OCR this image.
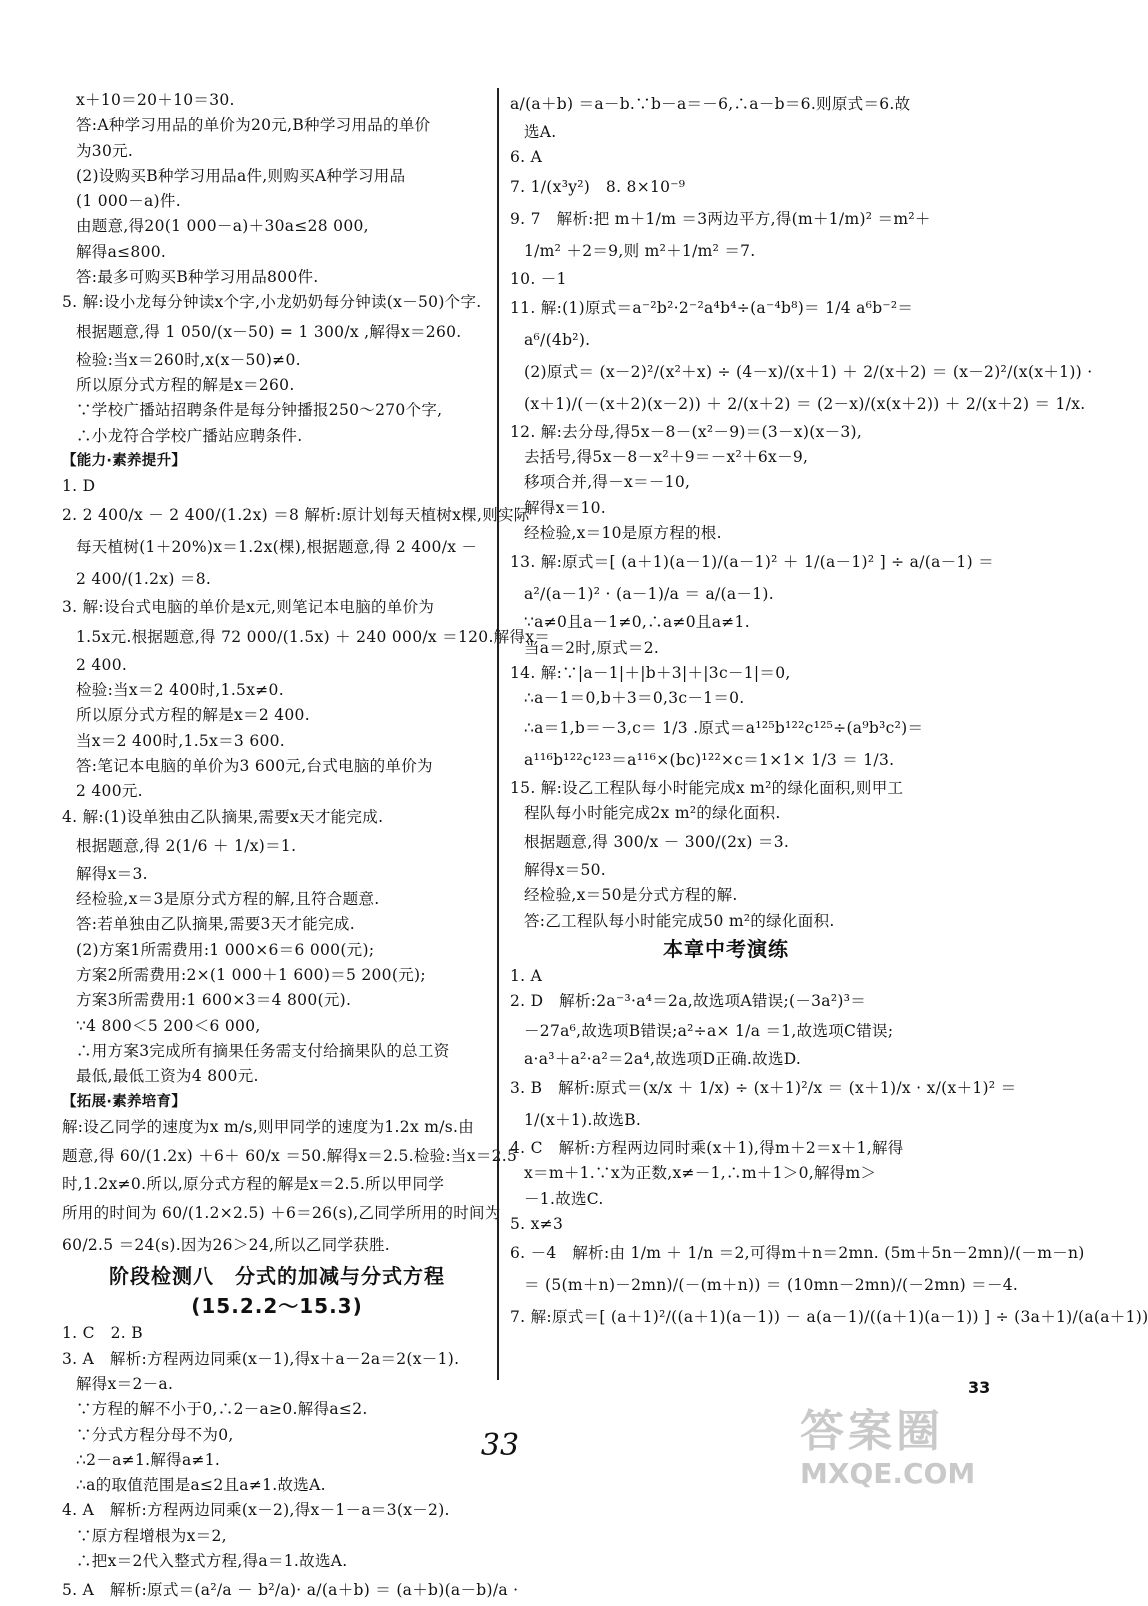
x＋10＝20＋10＝30.
答:A种学习用品的单价为20元,B种学习用品的单价
为30元.
(2)设购买B种学习用品a件,则购买A种学习用品
(1 000－a)件.
由题意,得20(1 000－a)＋30a≤28 000,
解得a≤800.
答:最多可购买B种学习用品800件.
5. 解:设小龙每分钟读x个字,小龙奶奶每分钟读(x－50)个字.
根据题意,得 1 050/(x－50) = 1 300/x ,解得x＝260.
检验:当x＝260时,x(x－50)≠0.
所以原分式方程的解是x＝260.
∵学校广播站招聘条件是每分钟播报250～270个字,
∴小龙符合学校广播站应聘条件.
【能力·素养提升】
1. D
2. 2 400/x － 2 400/(1.2x) ＝8 解析:原计划每天植树x棵,则实际
每天植树(1＋20%)x＝1.2x(棵),根据题意,得 2 400/x －
2 400/(1.2x) ＝8.
3. 解:设台式电脑的单价是x元,则笔记本电脑的单价为
1.5x元.根据题意,得 72 000/(1.5x) ＋ 240 000/x ＝120.解得x＝
2 400.
检验:当x＝2 400时,1.5x≠0.
所以原分式方程的解是x＝2 400.
当x＝2 400时,1.5x＝3 600.
答:笔记本电脑的单价为3 600元,台式电脑的单价为
2 400元.
4. 解:(1)设单独由乙队摘果,需要x天才能完成.
根据题意,得 2(1/6 ＋ 1/x)＝1.
解得x＝3.
经检验,x＝3是原分式方程的解,且符合题意.
答:若单独由乙队摘果,需要3天才能完成.
(2)方案1所需费用:1 000×6＝6 000(元);
方案2所需费用:2×(1 000＋1 600)＝5 200(元);
方案3所需费用:1 600×3＝4 800(元).
∵4 800＜5 200＜6 000,
∴用方案3完成所有摘果任务需支付给摘果队的总工资
最低,最低工资为4 800元.
【拓展·素养培育】
解:设乙同学的速度为x m/s,则甲同学的速度为1.2x m/s.由
题意,得 60/(1.2x) ＋6＋ 60/x ＝50.解得x＝2.5.检验:当x＝2.5
时,1.2x≠0.所以,原分式方程的解是x＝2.5.所以甲同学
所用的时间为 60/(1.2×2.5) ＋6＝26(s),乙同学所用的时间为
60/2.5 ＝24(s).因为26＞24,所以乙同学获胜.
阶段检测八　分式的加减与分式方程
(15.2.2～15.3)
1. C　2. B
3. A　解析:方程两边同乘(x－1),得x＋a－2a＝2(x－1).
解得x＝2－a.
∵方程的解不小于0,∴2－a≥0.解得a≤2.
∵分式方程分母不为0,
∴2－a≠1.解得a≠1.
∴a的取值范围是a≤2且a≠1.故选A.
4. A　解析:方程两边同乘(x－2),得x－1－a＝3(x－2).
∵原方程增根为x＝2,
∴把x＝2代入整式方程,得a＝1.故选A.
5. A　解析:原式＝(a²/a － b²/a)· a/(a＋b) ＝ (a＋b)(a－b)/a ·
a/(a＋b) ＝a－b.∵b－a＝－6,∴a－b＝6.则原式＝6.故
选A.
6. A
7. 1/(x³y²)　8. 8×10⁻⁹
9. 7　解析:把 m＋1/m ＝3两边平方,得(m＋1/m)² ＝m²＋
1/m² ＋2＝9,则 m²＋1/m² ＝7.
10. －1
11. 解:(1)原式＝a⁻²b²·2⁻²a⁴b⁴÷(a⁻⁴b⁸)＝ 1/4 a⁶b⁻²＝
a⁶/(4b²).
(2)原式＝ (x－2)²/(x²＋x) ÷ (4－x)/(x＋1) ＋ 2/(x＋2) ＝ (x－2)²/(x(x＋1)) ·
(x＋1)/(－(x＋2)(x－2)) ＋ 2/(x＋2) ＝ (2－x)/(x(x＋2)) ＋ 2/(x＋2) ＝ 1/x.
12. 解:去分母,得5x－8－(x²－9)＝(3－x)(x－3),
去括号,得5x－8－x²＋9＝－x²＋6x－9,
移项合并,得－x＝－10,
解得x＝10.
经检验,x＝10是原方程的根.
13. 解:原式＝[ (a＋1)(a－1)/(a－1)² ＋ 1/(a－1)² ] ÷ a/(a－1) ＝
a²/(a－1)² · (a－1)/a ＝ a/(a－1).
∵a≠0且a－1≠0,∴a≠0且a≠1.
当a＝2时,原式＝2.
14. 解:∵|a－1|＋|b＋3|＋|3c－1|＝0,
∴a－1＝0,b＋3＝0,3c－1＝0.
∴a＝1,b＝－3,c＝ 1/3 .原式＝a¹²⁵b¹²²c¹²⁵÷(a⁹b³c²)＝
a¹¹⁶b¹²²c¹²³＝a¹¹⁶×(bc)¹²²×c＝1×1× 1/3 ＝ 1/3.
15. 解:设乙工程队每小时能完成x m²的绿化面积,则甲工
程队每小时能完成2x m²的绿化面积.
根据题意,得 300/x － 300/(2x) ＝3.
解得x＝50.
经检验,x＝50是分式方程的解.
答:乙工程队每小时能完成50 m²的绿化面积.
本章中考演练
1. A
2. D　解析:2a⁻³·a⁴＝2a,故选项A错误;(－3a²)³＝
－27a⁶,故选项B错误;a²÷a× 1/a ＝1,故选项C错误;
a·a³＋a²·a²＝2a⁴,故选项D正确.故选D.
3. B　解析:原式＝(x/x ＋ 1/x) ÷ (x＋1)²/x ＝ (x＋1)/x · x/(x＋1)² ＝
1/(x＋1).故选B.
4. C　解析:方程两边同时乘(x＋1),得m＋2＝x＋1,解得
x＝m＋1.∵x为正数,x≠－1,∴m＋1＞0,解得m＞
－1.故选C.
5. x≠3
6. －4　解析:由 1/m ＋ 1/n ＝2,可得m＋n＝2mn. (5m＋5n－2mn)/(－m－n)
＝ (5(m＋n)－2mn)/(－(m＋n)) ＝ (10mn－2mn)/(－2mn) ＝－4.
7. 解:原式＝[ (a＋1)²/((a＋1)(a－1)) － a(a－1)/((a＋1)(a－1)) ] ÷ (3a＋1)/(a(a＋1))
33
33	答案圈
MXQE.COM
